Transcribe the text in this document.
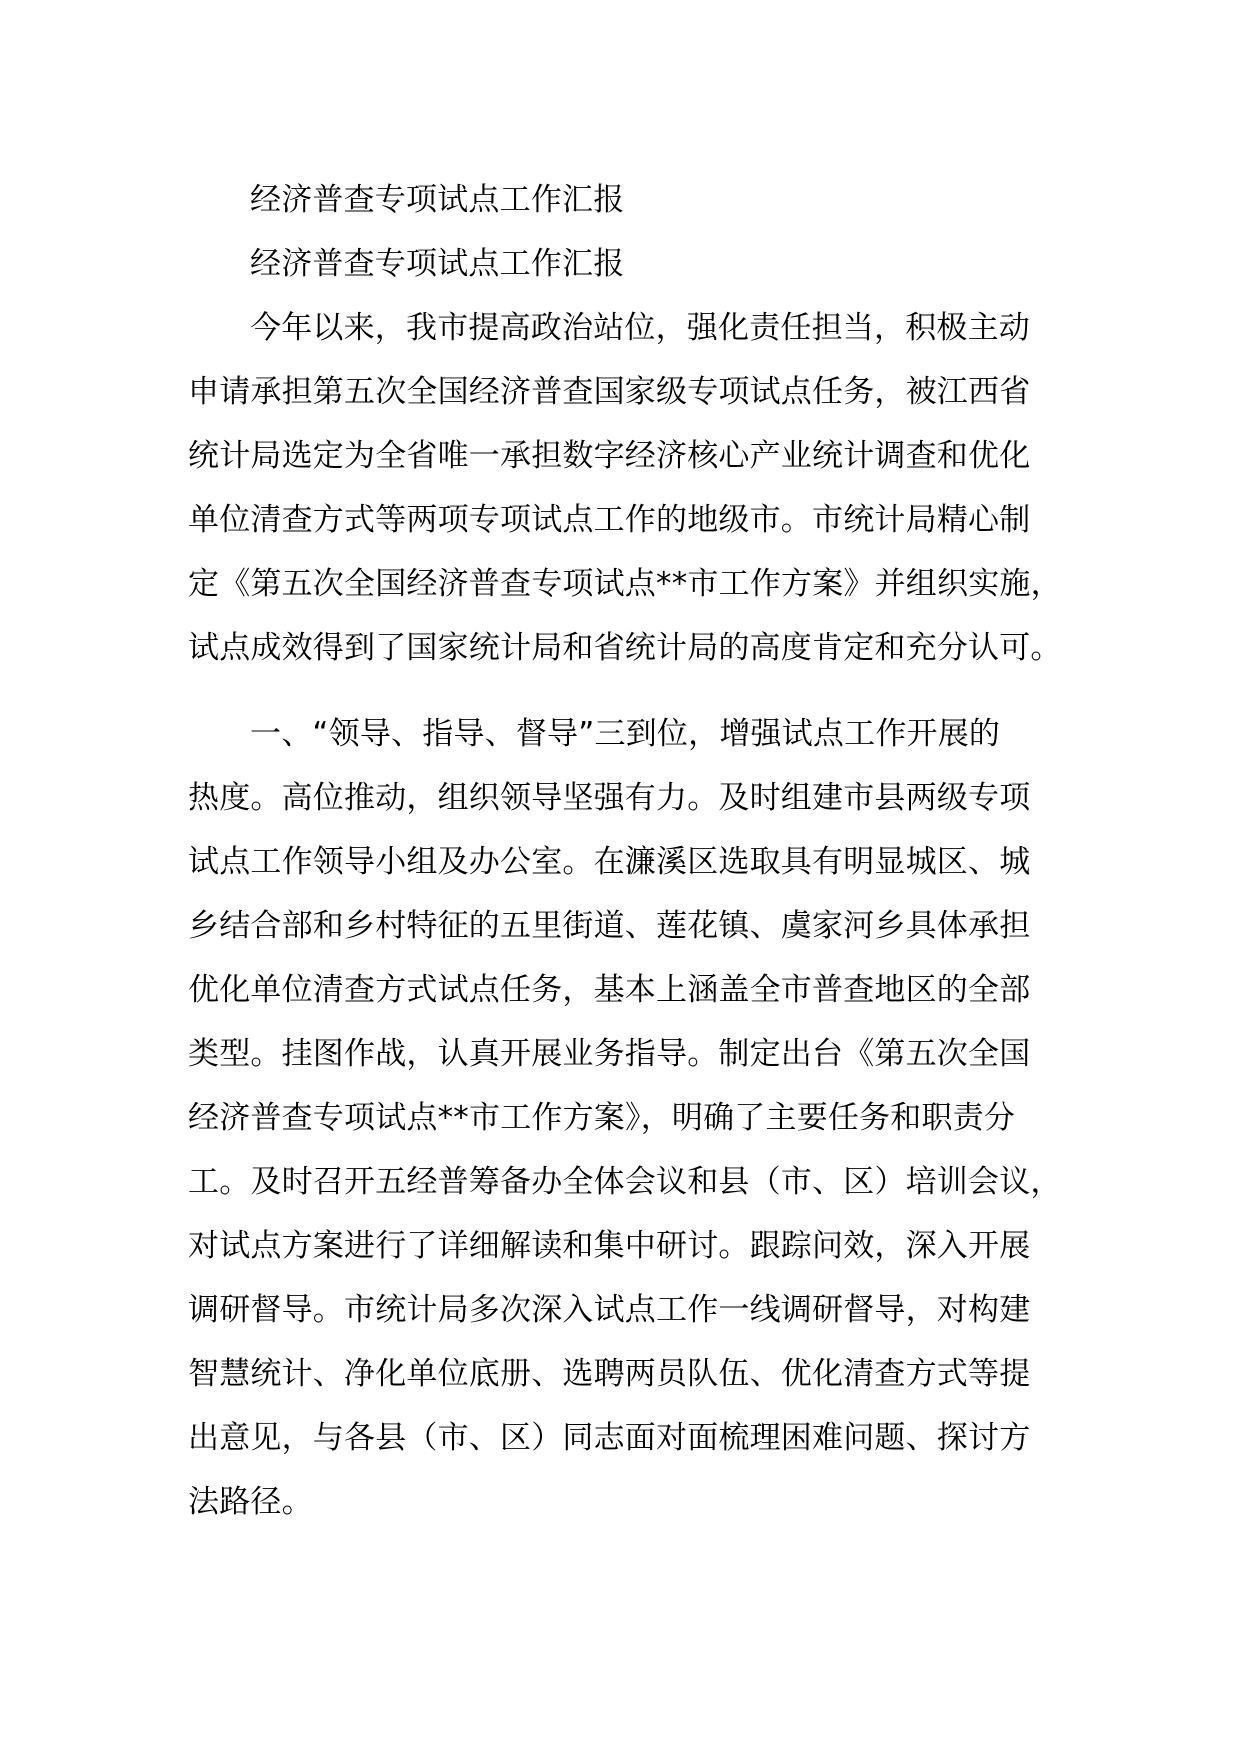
经济普查专项试点工作汇报
经济普查专项试点工作汇报
今年以来，我市提高政治站位，强化责任担当，积极主动
申请承担第五次全国经济普查国家级专项试点任务，被江西省
统计局选定为全省唯一承担数字经济核心产业统计调查和优化
单位清查方式等两项专项试点工作的地级市。市统计局精心制
定《第五次全国经济普查专项试点**市工作方案》并组织实施，
试点成效得到了国家统计局和省统计局的高度肯定和充分认可。
一、“领导、指导、督导”三到位，增强试点工作开展的
热度。高位推动，组织领导坚强有力。及时组建市县两级专项
试点工作领导小组及办公室。在濂溪区选取具有明显城区、城
乡结合部和乡村特征的五里街道、莲花镇、虞家河乡具体承担
优化单位清查方式试点任务，基本上涵盖全市普查地区的全部
类型。挂图作战，认真开展业务指导。制定出台《第五次全国
经济普查专项试点**市工作方案》，明确了主要任务和职责分
工。及时召开五经普筹备办全体会议和县（市、区）培训会议，
对试点方案进行了详细解读和集中研讨。跟踪问效，深入开展
调研督导。市统计局多次深入试点工作一线调研督导，对构建
智慧统计、净化单位底册、选聘两员队伍、优化清查方式等提
出意见，与各县（市、区）同志面对面梳理困难问题、探讨方
法路径。
